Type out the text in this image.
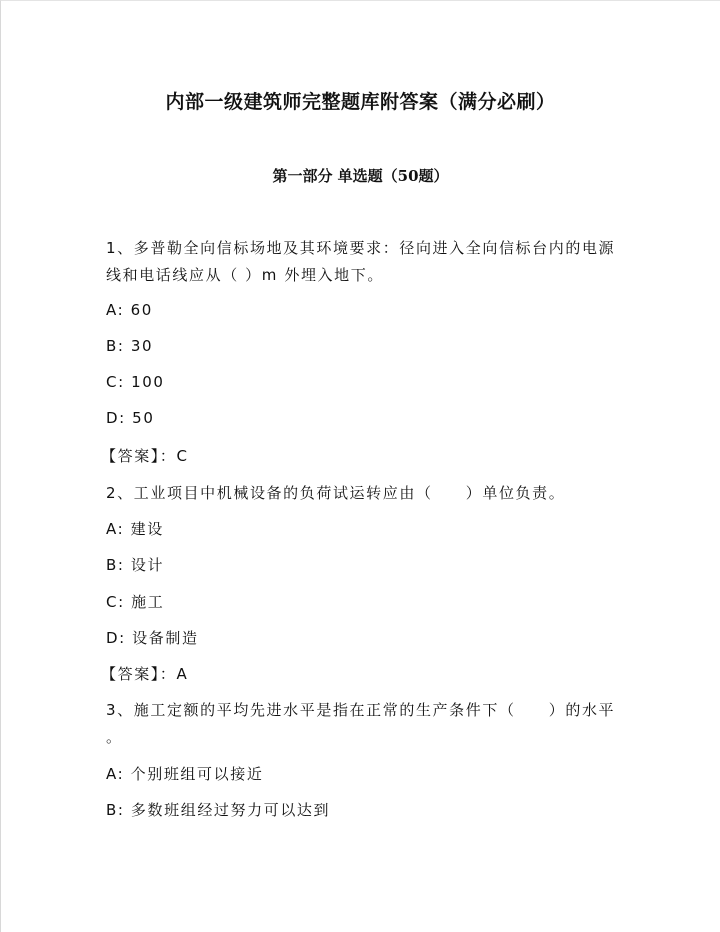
内部一级建筑师完整题库附答案（满分必刷）
第一部分 单选题（50题）
1、多普勒全向信标场地及其环境要求：径向进入全向信标台内的电源
线和电话线应从（ ）m 外埋入地下。
A: 60
B: 30
C: 100
D: 50
【答案】：C
2、工业项目中机械设备的负荷试运转应由（　　）单位负责。
A: 建设
B: 设计
C: 施工
D: 设备制造
【答案】：A
3、施工定额的平均先进水平是指在正常的生产条件下（　　）的水平
。
A: 个别班组可以接近
B: 多数班组经过努力可以达到
